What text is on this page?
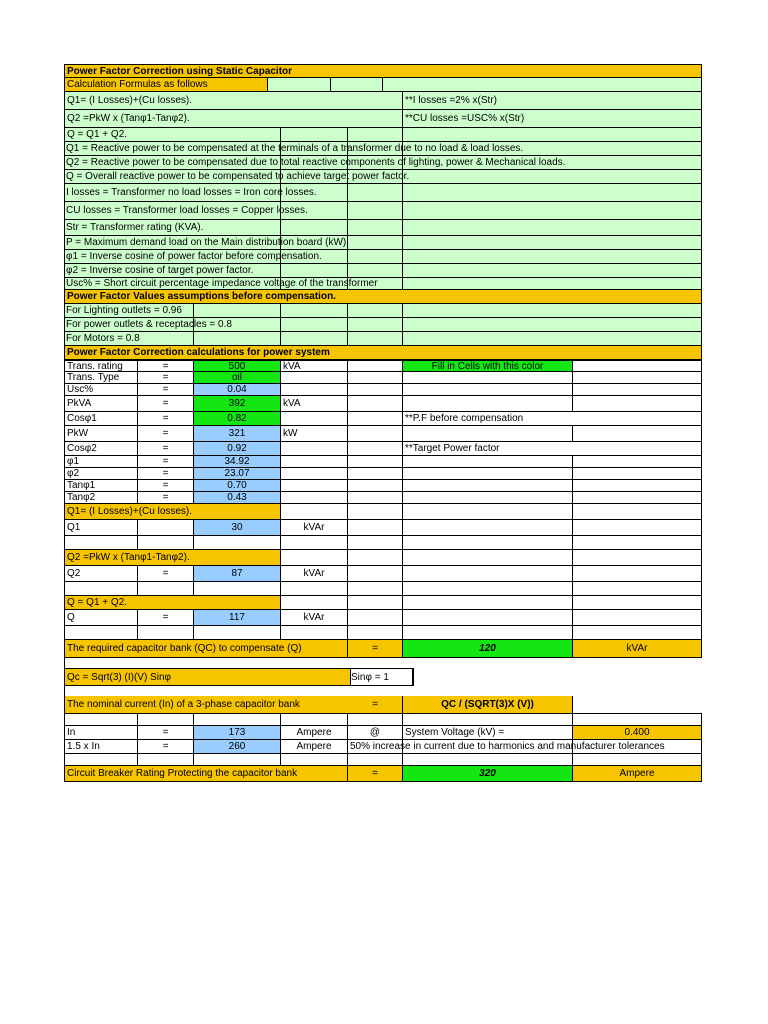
Power Factor Correction using Static Capacitor
Calculation Formulas as follows
Q1= (I Losses)+(Cu losses).	**I losses =2% x(Str)
Q2 =PkW x (Tanφ1-Tanφ2).	**CU losses =USC% x(Str)
Q = Q1 + Q2.
Q1 = Reactive power to be compensated at the terminals of a transformer due to no load & load losses.
Q2 = Reactive power to be compensated due to total reactive components of lighting, power & Mechanical loads.
Q = Overall reactive power to be compensated to achieve target power factor.
I losses = Transformer no load losses = Iron core losses.
CU losses = Transformer load losses = Copper losses.
Str = Transformer rating (KVA).
P = Maximum demand load on the Main distribution board (kW).
φ1 = Inverse cosine of power factor before compensation.
φ2 = Inverse cosine of target power factor.
Usc% = Short circuit percentage impedance voltage of the transformer
Power Factor Values assumptions before compensation.
For Lighting outlets = 0.96
For power outlets & receptacles = 0.8
For Motors = 0.8
Power Factor Correction calculations for power system
Trans. rating	=	500	kVA	Fill in Cells with this color
Trans. Type	=	oil
Usc%	=	0.04
PkVA	=	392	kVA
Cosφ1	=	0.82	**P.F before compensation
PkW	=	321	kW
Cosφ2	=	0.92	**Target Power factor
φ1	=	34.92
φ2	=	23.07
Tanφ1	=	0.70
Tanφ2	=	0.43
Q1= (I Losses)+(Cu losses).
Q1	30	kVAr
Q2 =PkW x (Tanφ1-Tanφ2).
Q2	=	87	kVAr
Q = Q1 + Q2.
Q	=	117	kVAr
The required capacitor bank (QC) to compensate (Q)	=	120	kVAr
Qc = Sqrt(3) (I)(V) Sinφ	Sinφ = 1
The nominal current (In) of a 3-phase capacitor bank	=	QC / (SQRT(3)X (V))
In	=	173	Ampere	@	System Voltage (kV) =	0.400
1.5 x In	=	260	Ampere	50% increase in current due to harmonics and manufacturer tolerances
Circuit Breaker Rating Protecting the capacitor bank	=	320	Ampere
